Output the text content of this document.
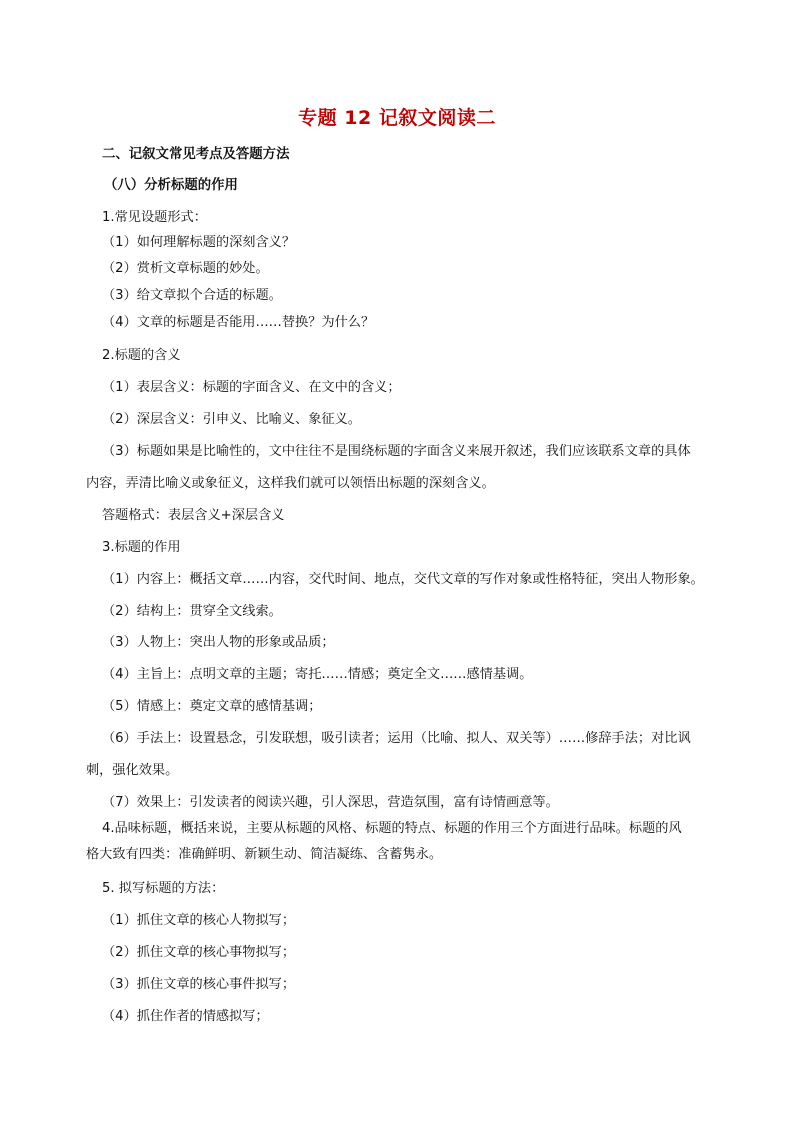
专题 12 记叙文阅读二
二、记叙文常见考点及答题方法
（八）分析标题的作用
1.常见设题形式：
（1）如何理解标题的深刻含义？
（2）赏析文章标题的妙处。
（3）给文章拟个合适的标题。
（4）文章的标题是否能用……替换？为什么？
2.标题的含义
（1）表层含义：标题的字面含义、在文中的含义；
（2）深层含义：引申义、比喻义、象征义。
（3）标题如果是比喻性的，文中往往不是围绕标题的字面含义来展开叙述，我们应该联系文章的具体
内容，弄清比喻义或象征义，这样我们就可以领悟出标题的深刻含义。
答题格式：表层含义+深层含义
3.标题的作用
（1）内容上：概括文章……内容，交代时间、地点，交代文章的写作对象或性格特征，突出人物形象。
（2）结构上：贯穿全文线索。
（3）人物上：突出人物的形象或品质；
（4）主旨上：点明文章的主题；寄托……情感；奠定全文……感情基调。
（5）情感上：奠定文章的感情基调；
（6）手法上：设置悬念，引发联想，吸引读者；运用（比喻、拟人、双关等）……修辞手法；对比讽
刺，强化效果。
（7）效果上：引发读者的阅读兴趣，引人深思，营造氛围，富有诗情画意等。
4.品味标题，概括来说，主要从标题的风格、标题的特点、标题的作用三个方面进行品味。标题的风
格大致有四类：准确鲜明、新颖生动、简洁凝练、含蓄隽永。
5. 拟写标题的方法：
（1）抓住文章的核心人物拟写；
（2）抓住文章的核心事物拟写；
（3）抓住文章的核心事件拟写；
（4）抓住作者的情感拟写；
